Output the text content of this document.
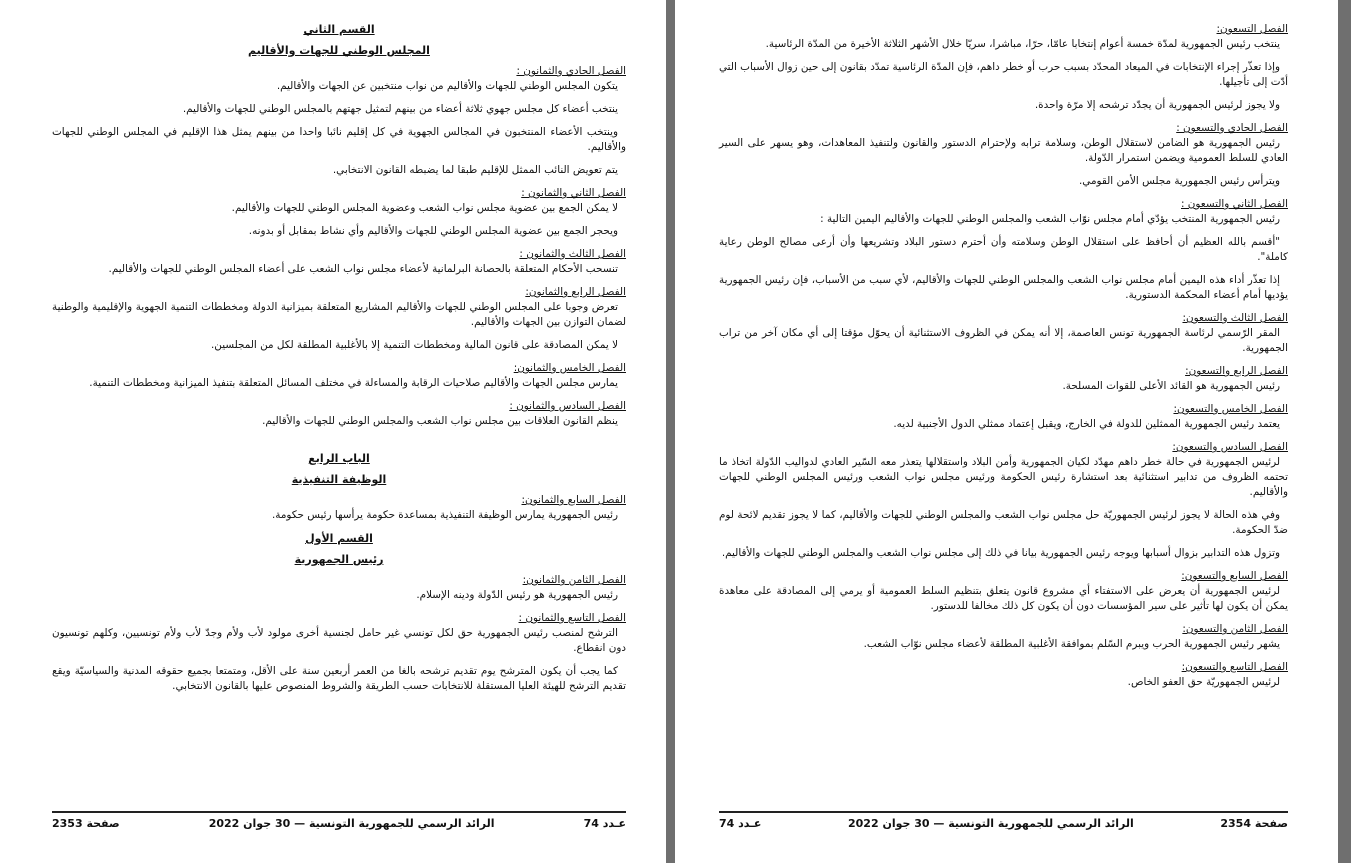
القسم الثاني

المجلس الوطني للجهات والأقاليم

الفصل الحادي والثمانون :

يتكون المجلس الوطني للجهات والأقاليم من نواب منتخبين عن الجهات والأقاليم.

ينتخب أعضاء كل مجلس جهوي ثلاثة أعضاء من بينهم لتمثيل جهتهم بالمجلس الوطني للجهات والأقاليم.

وينتخب الأعضاء المنتخبون في المجالس الجهوية في كل إقليم نائبا واحدا من بينهم يمثل هذا الإقليم في المجلس الوطني للجهات والأقاليم.

يتم تعويض النائب الممثل للإقليم طبقا لما يضبطه القانون الانتخابي.

الفصل الثاني والثمانون :

لا يمكن الجمع بين عضوية مجلس نواب الشعب وعضوية المجلس الوطني للجهات والأقاليم.

ويحجر الجمع بين عضوية المجلس الوطني للجهات والأقاليم وأي نشاط بمقابل أو بدونه.

الفصل الثالث والثمانون :

تنسحب الأحكام المتعلقة بالحصانة البرلمانية لأعضاء مجلس نواب الشعب على أعضاء المجلس الوطني للجهات والأقاليم.

الفصل الرابع والثمانون:

تعرض وجوبا على المجلس الوطني للجهات والأقاليم المشاريع المتعلقة بميزانية الدولة ومخططات التنمية الجهوية والإقليمية والوطنية لضمان التوازن بين الجهات والأقاليم.

لا يمكن المصادقة على قانون المالية ومخططات التنمية إلا بالأغلبية المطلقة لكل من المجلسين.

الفصل الخامس والثمانون:

يمارس مجلس الجهات والأقاليم صلاحيات الرقابة والمساءلة في مختلف المسائل المتعلقة بتنفيذ الميزانية ومخططات التنمية.

الفصل السادس والثمانون :

ينظم القانون العلاقات بين مجلس نواب الشعب والمجلس الوطني للجهات والأقاليم.

الباب الرابع

الوظيفة التنفيذية

الفصل السابع والثمانون:

رئيس الجمهورية يمارس الوظيفة التنفيذية بمساعدة حكومة يرأسها رئيس حكومة.

القسم الأول

رئيس الجمهورية

الفصل الثامن والثمانون:

رئيس الجمهورية هو رئيس الدّولة ودينه الإسلام.

الفصل التاسع والثمانون :

الترشح لمنصب رئيس الجمهورية حق لكل تونسي غير حامل لجنسية أخرى مولود لأب ولأم وجدّ لأب ولأم تونسيين، وكلهم تونسيون دون انقطاع.

كما يجب أن يكون المترشح يوم تقديم ترشحه بالغا من العمر أربعين سنة على الأقل، ومتمتعا بجميع حقوقه المدنية والسياسيّة ويقع تقديم الترشح للهيئة العليا المستقلة للانتخابات حسب الطريقة والشروط المنصوص عليها بالقانون الانتخابي.

صفحة 2353	الرائد الرسمي للجمهورية التونسية — 30 جوان 2022	عـدد 74
الفصل التسعون:

ينتخب رئيس الجمهورية لمدّة خمسة أعوام إنتخابا عامّا، حرّا، مباشرا، سريّا خلال الأشهر الثلاثة الأخيرة من المدّة الرئاسية.

وإذا تعذّر إجراء الإنتخابات في الميعاد المحدّد بسبب حرب أو خطر داهم، فإن المدّة الرئاسية تمدّد بقانون إلى حين زوال الأسباب التي أدّت إلى تأجيلها.

ولا يجوز لرئيس الجمهورية أن يجدّد ترشحه إلا مرّة واحدة.

الفصل الحادي والتسعون :

رئيس الجمهورية هو الضامن لاستقلال الوطن، وسلامة ترابه ولإحترام الدستور والقانون ولتنفيذ المعاهدات، وهو يسهر على السير العادي للسلط العمومية ويضمن استمرار الدّولة.

ويترأس رئيس الجمهورية مجلس الأمن القومي.

الفصل الثاني والتسعون :

رئيس الجمهورية المنتخب يؤدّي أمام مجلس نوّاب الشعب والمجلس الوطني للجهات والأقاليم اليمين التالية :

"أقسم بالله العظيم أن أحافظ على استقلال الوطن وسلامته وأن أحترم دستور البلاد وتشريعها وأن أرعى مصالح الوطن رعاية كاملة".

إذا تعذّر أداء هذه اليمين أمام مجلس نواب الشعب والمجلس الوطني للجهات والأقاليم، لأي سبب من الأسباب، فإن رئيس الجمهورية يؤديها أمام أعضاء المحكمة الدستورية.

الفصل الثالث والتسعون:

المقر الرّسمي لرئاسة الجمهورية تونس العاصمة، إلا أنه يمكن في الظروف الاستثنائية أن يحوّل مؤقتا إلى أي مكان آخر من تراب الجمهورية.

الفصل الرابع والتسعون:

رئيس الجمهورية هو القائد الأعلى للقوات المسلحة.

الفصل الخامس والتسعون:

يعتمد رئيس الجمهورية الممثلين للدولة في الخارج، ويقبل إعتماد ممثلي الدول الأجنبية لديه.

الفصل السادس والتسعون:

لرئيس الجمهورية في حالة خطر داهم مهدّد لكيان الجمهورية وأمن البلاد واستقلالها يتعذر معه السّير العادي لدواليب الدّولة اتخاذ ما تحتمه الظروف من تدابير استثنائية بعد استشارة رئيس الحكومة ورئيس مجلس نواب الشعب ورئيس المجلس الوطني للجهات والأقاليم.

وفي هذه الحالة لا يجوز لرئيس الجمهوريّة حل مجلس نواب الشعب والمجلس الوطني للجهات والأقاليم، كما لا يجوز تقديم لائحة لوم ضدّ الحكومة.

وتزول هذه التدابير بزوال أسبابها ويوجه رئيس الجمهورية بيانا في ذلك إلى مجلس نواب الشعب والمجلس الوطني للجهات والأقاليم.

الفصل السابع والتسعون:

لرئيس الجمهورية أن يعرض على الاستفتاء أي مشروع قانون يتعلق بتنظيم السلط العمومية أو يرمي إلى المصادقة على معاهدة يمكن أن يكون لها تأثير على سير المؤسسات دون أن يكون كل ذلك مخالفا للدستور.

الفصل الثامن والتسعون:

يشهر رئيس الجمهورية الحرب ويبرم السّلم بموافقة الأغلبية المطلقة لأعضاء مجلس نوّاب الشعب.

الفصل التاسع والتسعون:

لرئيس الجمهوريّة حق العفو الخاص.

عـدد 74	الرائد الرسمي للجمهورية التونسية — 30 جوان 2022	صفحة 2354
